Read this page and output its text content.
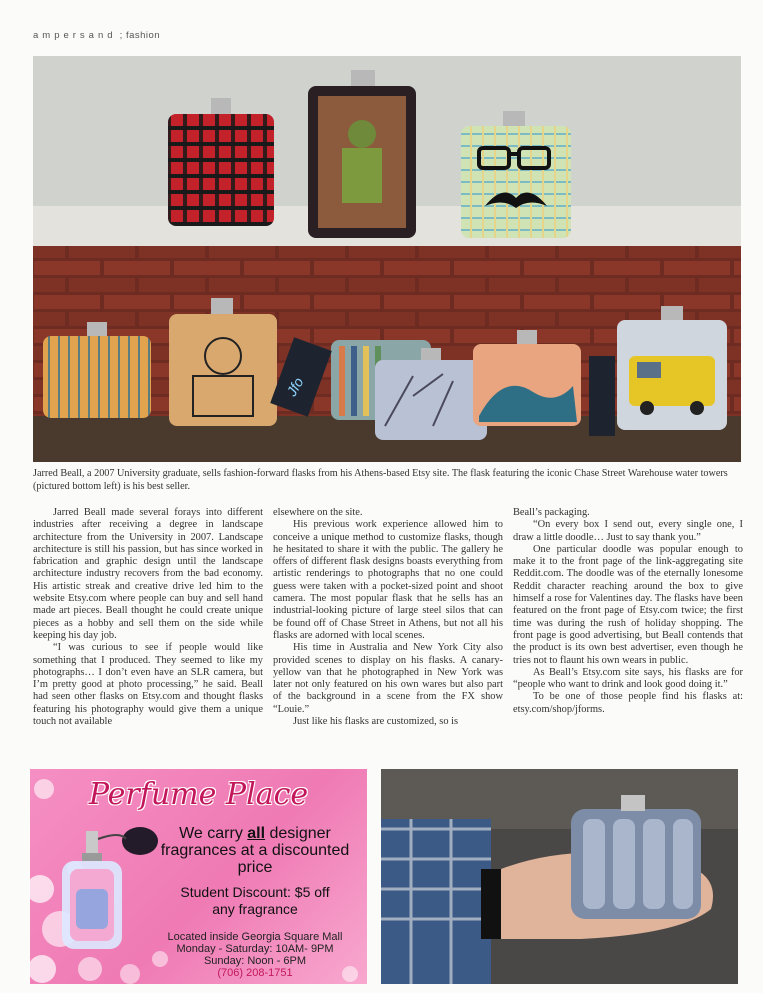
ampersand ; fashion
Jfo
Jarred Beall, a 2007 University graduate, sells fashion-forward flasks from his Athens-based Etsy site. The flask featuring the iconic Chase Street Warehouse water towers (pictured bottom left) is his best seller.

Jarred Beall made several forays into different industries after receiving a degree in landscape architecture from the University in 2007. Landscape architecture is still his passion, but has since worked in fabrication and graphic design until the landscape architecture industry recovers from the bad economy. His artistic streak and creative drive led him to the website Etsy.com where people can buy and sell hand made art pieces. Beall thought he could create unique pieces as a hobby and sell them on the side while keeping his day job.

“I was curious to see if people would like something that I produced. They seemed to like my photographs… I don’t even have an SLR camera, but I’m pretty good at photo processing,” he said. Beall had seen other flasks on Etsy.com and thought flasks featuring his photography would give them a unique touch not available

elsewhere on the site.

His previous work experience allowed him to conceive a unique method to customize flasks, though he hesitated to share it with the public. The gallery he offers of different flask designs boasts everything from artistic renderings to photographs that no one could guess were taken with a pocket-sized point and shoot camera. The most popular flask that he sells has an industrial-looking picture of large steel silos that can be found off of Chase Street in Athens, but not all his flasks are adorned with local scenes.

His time in Australia and New York City also provided scenes to display on his flasks. A canary-yellow van that he photographed in New York was later not only featured on his own wares but also part of the background in a scene from the FX show “Louie.”

Just like his flasks are customized, so is

Beall’s packaging.

“On every box I send out, every single one, I draw a little doodle… Just to say thank you.”

One particular doodle was popular enough to make it to the front page of the link-aggregating site Reddit.com. The doodle was of the eternally lonesome Reddit character reaching around the box to give himself a rose for Valentines day. The flasks have been featured on the front page of Etsy.com twice; the first time was during the rush of holiday shopping. The front page is good advertising, but Beall contends that the product is its own best advertiser, even though he tries not to flaunt his own wears in public.

As Beall’s Etsy.com site says, his flasks are for “people who want to drink and look good doing it.”

To be one of those people find his flasks at: etsy.com/shop/jforms.

Perfume Place
We carry all designer fragrances at a discounted price
Student Discount: $5 off
any fragrance
Located inside Georgia Square Mall
Monday - Saturday: 10AM- 9PM
Sunday: Noon - 6PM
(706) 208-1751
